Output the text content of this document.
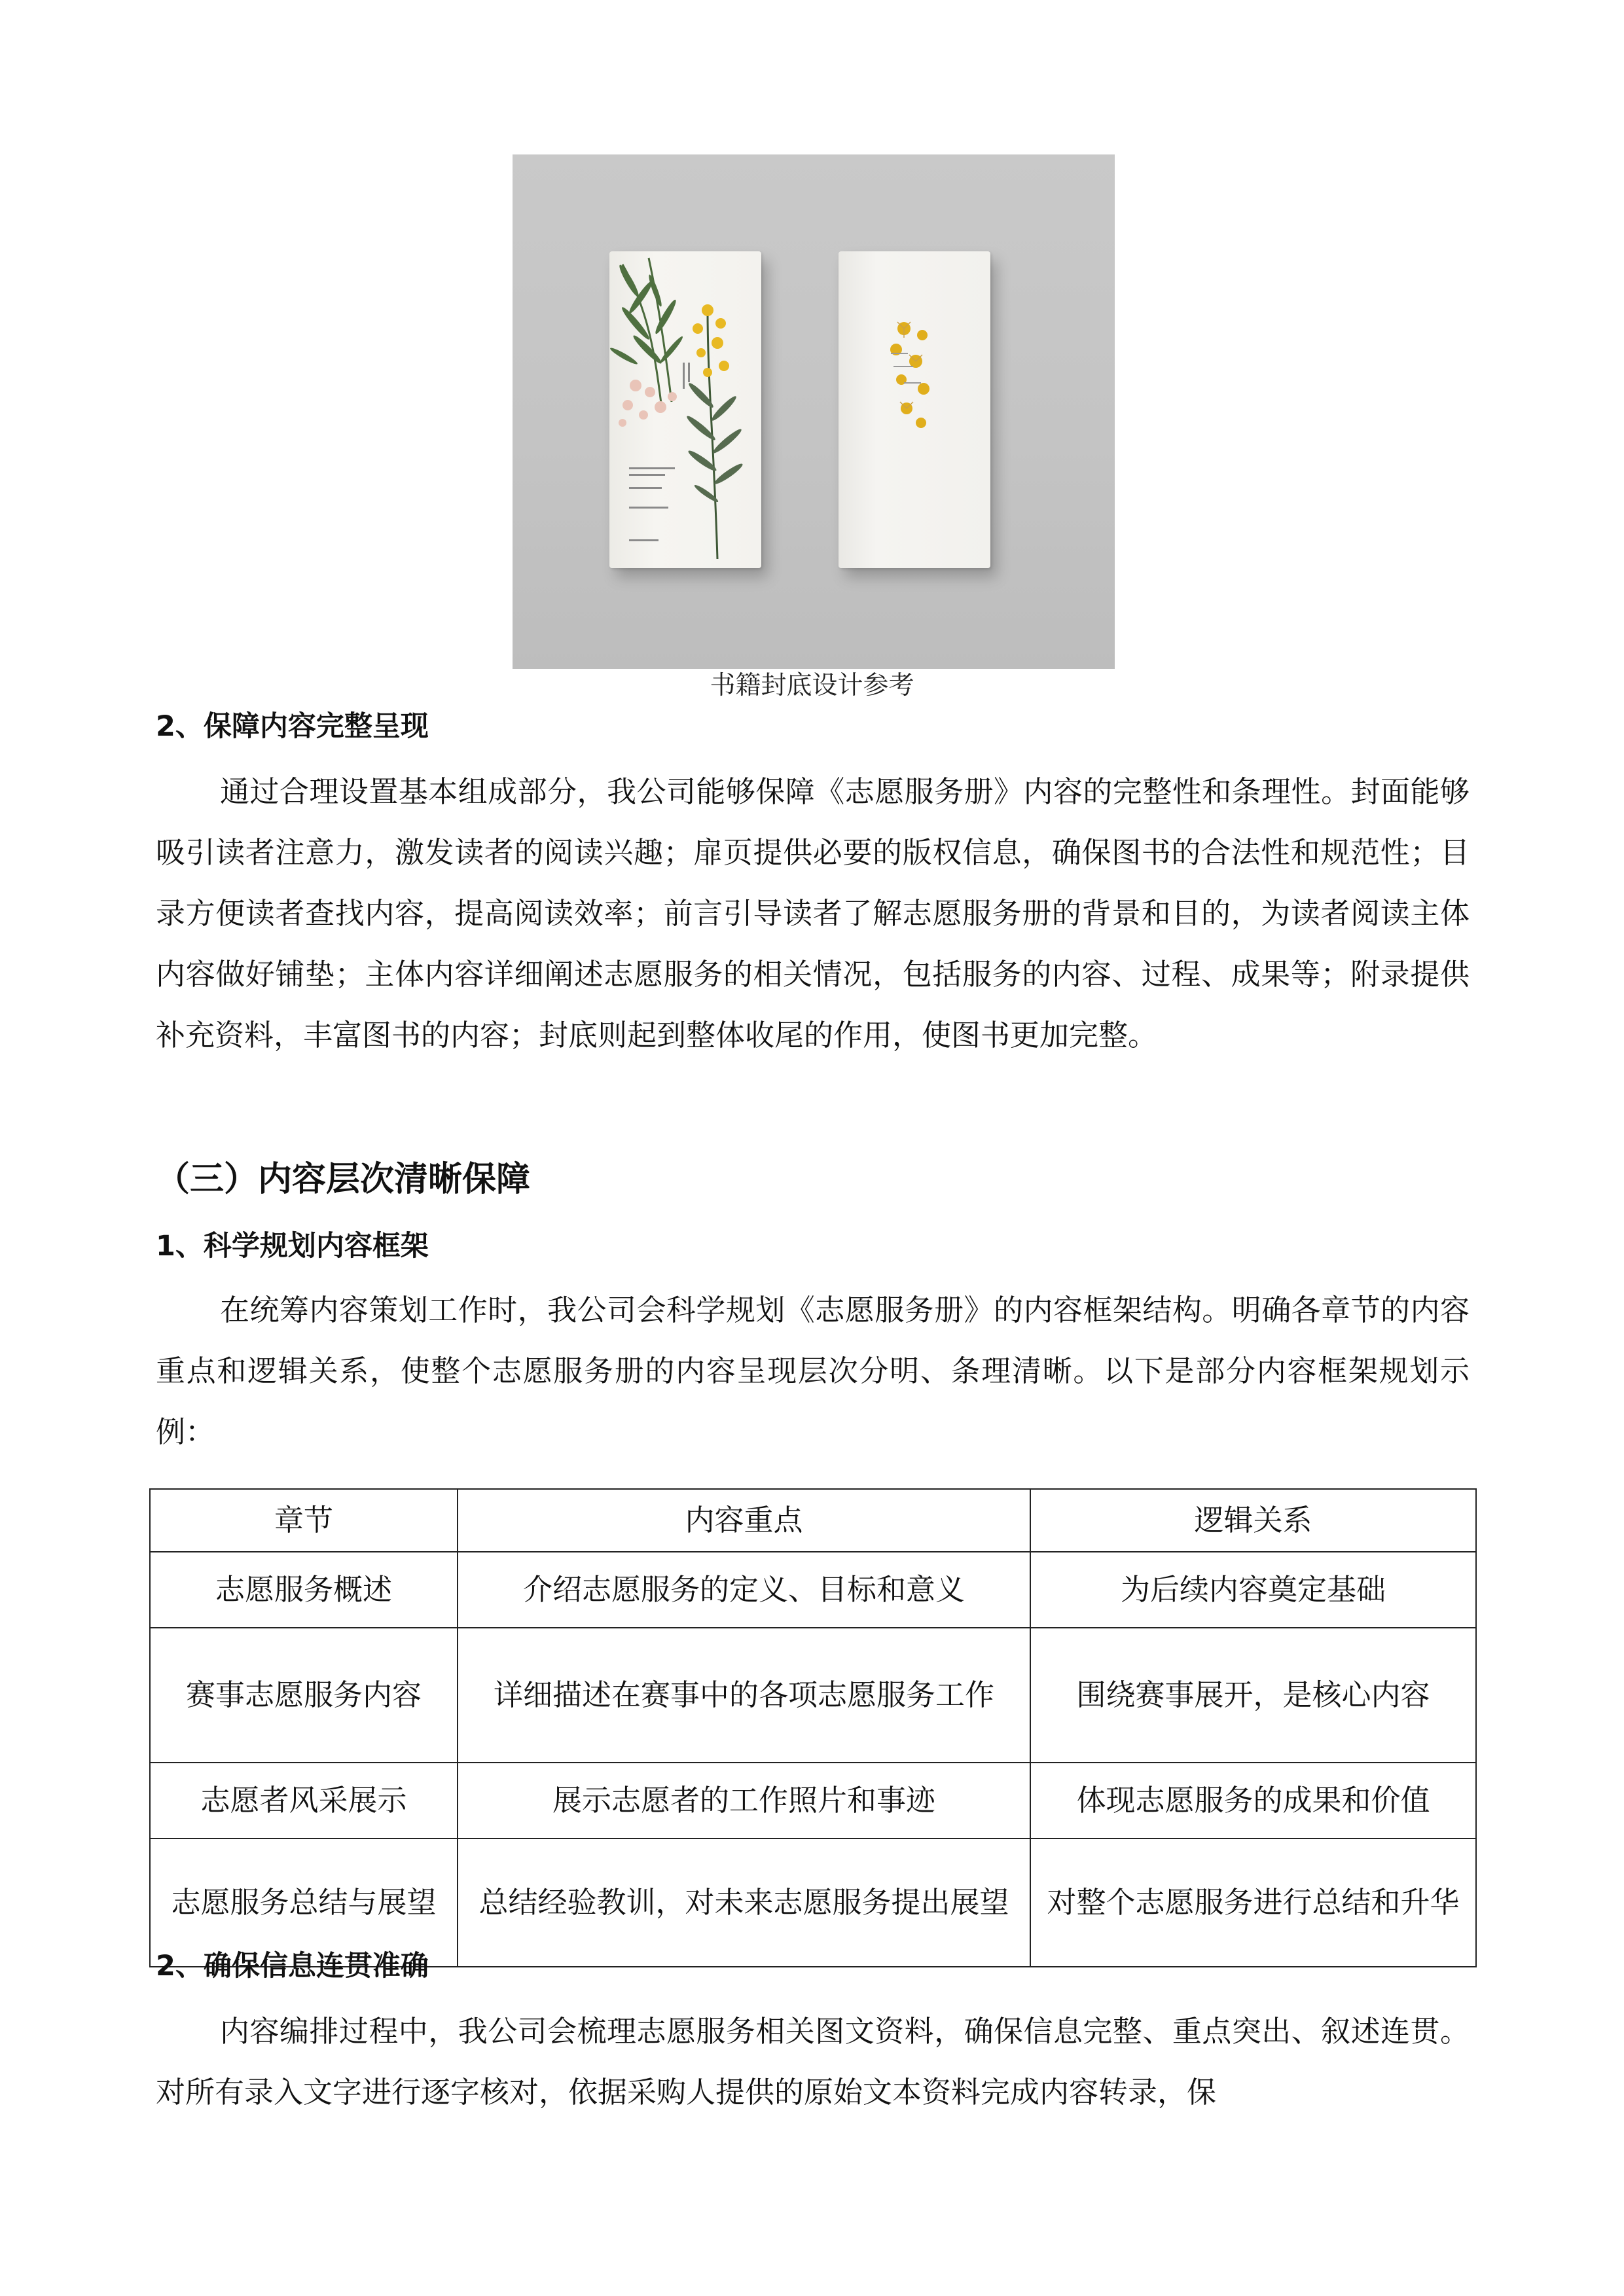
书籍封底设计参考
2、保障内容完整呈现

通过合理设置基本组成部分，我公司能够保障《志愿服务册》内容的完整性和条理性。封面能够吸引读者注意力，激发读者的阅读兴趣；扉页提供必要的版权信息，确保图书的合法性和规范性；目录方便读者查找内容，提高阅读效率；前言引导读者了解志愿服务册的背景和目的，为读者阅读主体内容做好铺垫；主体内容详细阐述志愿服务的相关情况，包括服务的内容、过程、成果等；附录提供补充资料，丰富图书的内容；封底则起到整体收尾的作用，使图书更加完整。

（三）内容层次清晰保障
1、科学规划内容框架

在统筹内容策划工作时，我公司会科学规划《志愿服务册》的内容框架结构。明确各章节的内容重点和逻辑关系，使整个志愿服务册的内容呈现层次分明、条理清晰。以下是部分内容框架规划示例：

章节	内容重点	逻辑关系
志愿服务概述	介绍志愿服务的定义、目标和意义	为后续内容奠定基础
赛事志愿服务内容	详细描述在赛事中的各项志愿服务工作	围绕赛事展开，是核心内容
志愿者风采展示	展示志愿者的工作照片和事迹	体现志愿服务的成果和价值
志愿服务总结与展望	总结经验教训，对未来志愿服务提出展望	对整个志愿服务进行总结和升华
2、确保信息连贯准确

内容编排过程中，我公司会梳理志愿服务相关图文资料，确保信息完整、重点突出、叙述连贯。对所有录入文字进行逐字核对，依据采购人提供的原始文本资料完成内容转录，保
